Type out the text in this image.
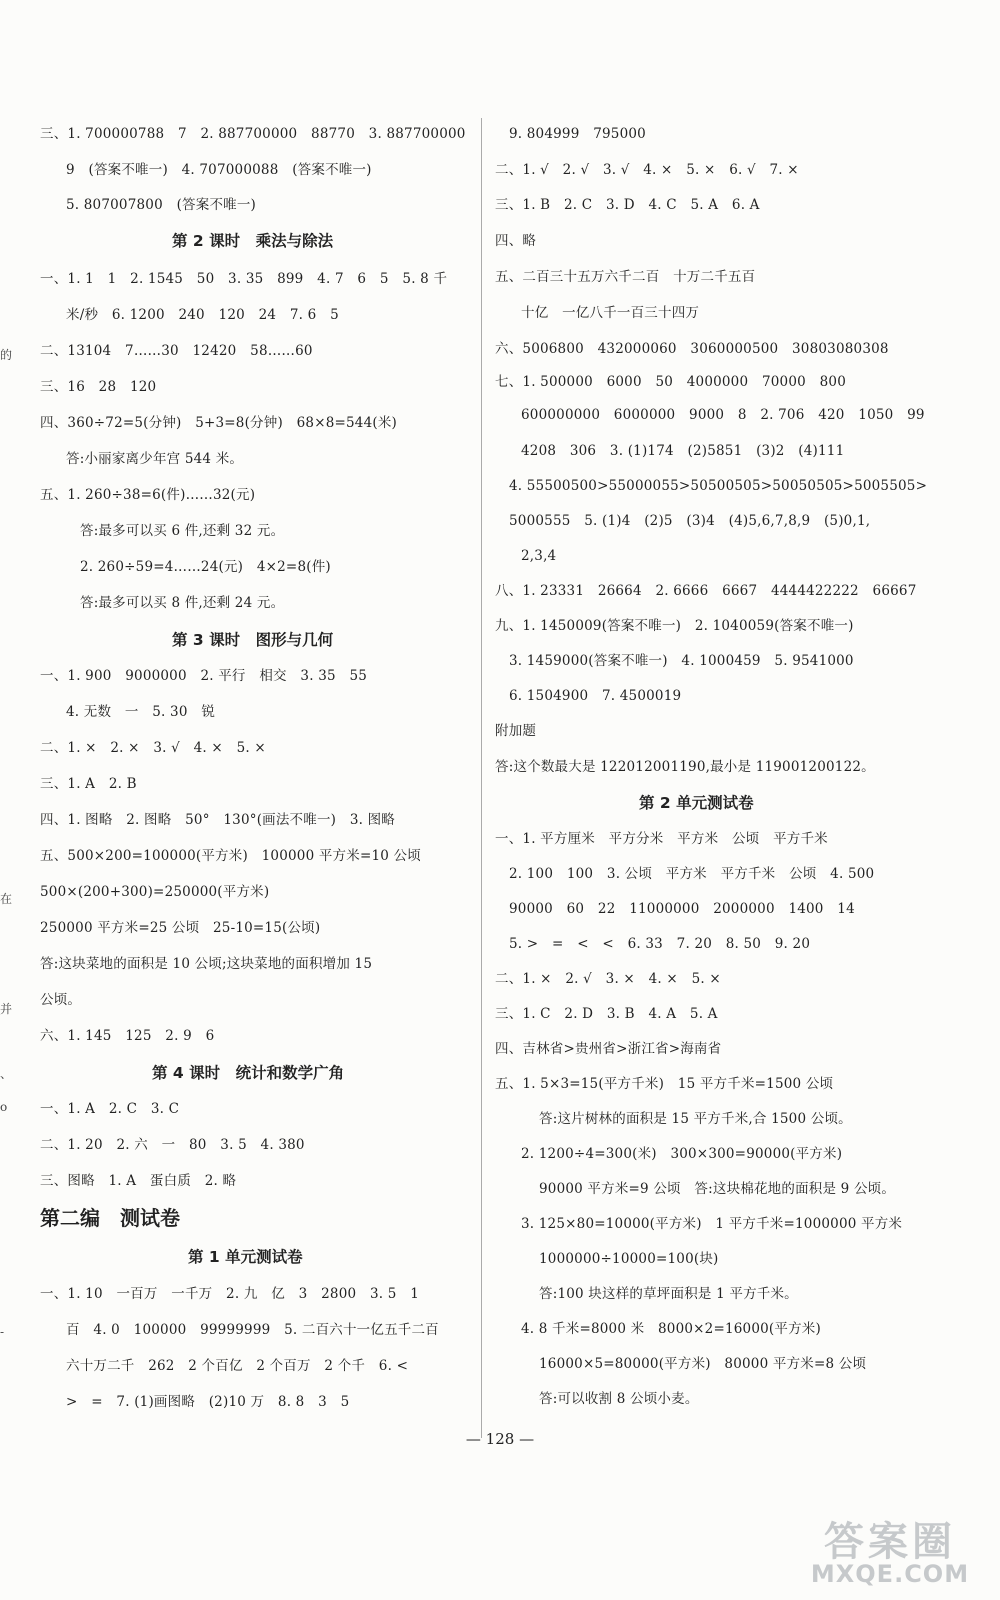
三、1. 700000788　7　2. 887700000　88770　3. 887700000
9　(答案不唯一)　4. 707000088　(答案不唯一)
5. 807007800　(答案不唯一)
第 2 课时　乘法与除法
一、1. 1　1　2. 1545　50　3. 35　899　4. 7　6　5　5. 8 千
米/秒　6. 1200　240　120　24　7. 6　5
二、13104　7……30　12420　58……60
三、16　28　120
四、360÷72=5(分钟)　5+3=8(分钟)　68×8=544(米)
答:小丽家离少年宫 544 米。
五、1. 260÷38=6(件)……32(元)
答:最多可以买 6 件,还剩 32 元。
2. 260÷59=4……24(元)　4×2=8(件)
答:最多可以买 8 件,还剩 24 元。
第 3 课时　图形与几何
一、1. 900　9000000　2. 平行　相交　3. 35　55
4. 无数　一　5. 30　锐
二、1. ×　2. ×　3. √　4. ×　5. ×
三、1. A　2. B
四、1. 图略　2. 图略　50°　130°(画法不唯一)　3. 图略
五、500×200=100000(平方米)　100000 平方米=10 公顷
500×(200+300)=250000(平方米)
250000 平方米=25 公顷　25-10=15(公顷)
答:这块菜地的面积是 10 公顷;这块菜地的面积增加 15
公顷。
六、1. 145　125　2. 9　6
第 4 课时　统计和数学广角
一、1. A　2. C　3. C
二、1. 20　2. 六　一　80　3. 5　4. 380
三、图略　1. A　蛋白质　2. 略
第二编　测试卷
第 1 单元测试卷
一、1. 10　一百万　一千万　2. 九　亿　3　2800　3. 5　1
百　4. 0　100000　99999999　5. 二百六十一亿五千二百
六十万二千　262　2 个百亿　2 个百万　2 个千　6. <
>　=　7. (1)画图略　(2)10 万　8. 8　3　5
9. 804999　795000
二、1. √　2. √　3. √　4. ×　5. ×　6. √　7. ×
三、1. B　2. C　3. D　4. C　5. A　6. A
四、略
五、二百三十五万六千二百　十万二千五百
十亿　一亿八千一百三十四万
六、5006800　432000060　3060000500　30803080308
七、1. 500000　6000　50　4000000　70000　800
600000000　6000000　9000　8　2. 706　420　1050　99
4208　306　3. (1)174　(2)5851　(3)2　(4)111
4. 55500500>55000055>50500505>50050505>5005505>
5000555　5. (1)4　(2)5　(3)4　(4)5,6,7,8,9　(5)0,1,
2,3,4
八、1. 23331　26664　2. 6666　6667　4444422222　66667
九、1. 1450009(答案不唯一)　2. 1040059(答案不唯一)
3. 1459000(答案不唯一)　4. 1000459　5. 9541000
6. 1504900　7. 4500019
附加题
答:这个数最大是 122012001190,最小是 119001200122。
第 2 单元测试卷
一、1. 平方厘米　平方分米　平方米　公顷　平方千米
2. 100　100　3. 公顷　平方米　平方千米　公顷　4. 500
90000　60　22　11000000　2000000　1400　14
5. >　=　<　<　6. 33　7. 20　8. 50　9. 20
二、1. ×　2. √　3. ×　4. ×　5. ×
三、1. C　2. D　3. B　4. A　5. A
四、吉林省>贵州省>浙江省>海南省
五、1. 5×3=15(平方千米)　15 平方千米=1500 公顷
答:这片树林的面积是 15 平方千米,合 1500 公顷。
2. 1200÷4=300(米)　300×300=90000(平方米)
90000 平方米=9 公顷　答:这块棉花地的面积是 9 公顷。
3. 125×80=10000(平方米)　1 平方千米=1000000 平方米
1000000÷10000=100(块)
答:100 块这样的草坪面积是 1 平方千米。
4. 8 千米=8000 米　8000×2=16000(平方米)
16000×5=80000(平方米)　80000 平方米=8 公顷
答:可以收割 8 公顷小麦。
— 128 —
的
在
并
、
o
-
答案圈
MXQE.COM
